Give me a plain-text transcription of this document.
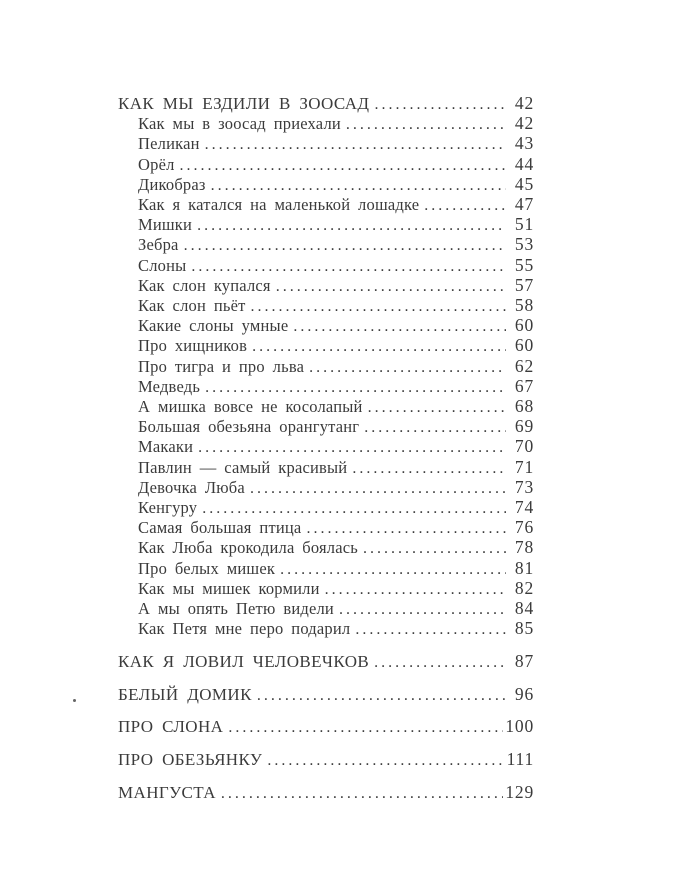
КАК МЫ ЕЗДИЛИ В ЗООСАД .....	42
Как мы в зоосад приехали .....	42
Пеликан .....	43
Орёл .....	44
Дикобраз .....	45
Как я катался на маленькой лошадке .....	47
Мишки .....	51
Зебра .....	53
Слоны .....	55
Как слон купался .....	57
Как слон пьёт .....	58
Какие слоны умные .....	60
Про хищников .....	60
Про тигра и про льва .....	62
Медведь .....	67
А мишка вовсе не косолапый .....	68
Большая обезьяна орангутанг .....	69
Макаки .....	70
Павлин — самый красивый .....	71
Девочка Люба .....	73
Кенгуру .....	74
Самая большая птица .....	76
Как Люба крокодила боялась .....	78
Про белых мишек .....	81
Как мы мишек кормили .....	82
А мы опять Петю видели .....	84
Как Петя мне перо подарил .....	85
КАК Я ЛОВИЛ ЧЕЛОВЕЧКОВ .....	87
БЕЛЫЙ ДОМИК .....	96
ПРО СЛОНА .....	100
ПРО ОБЕЗЬЯНКУ .....	111
МАНГУСТА .....	129
